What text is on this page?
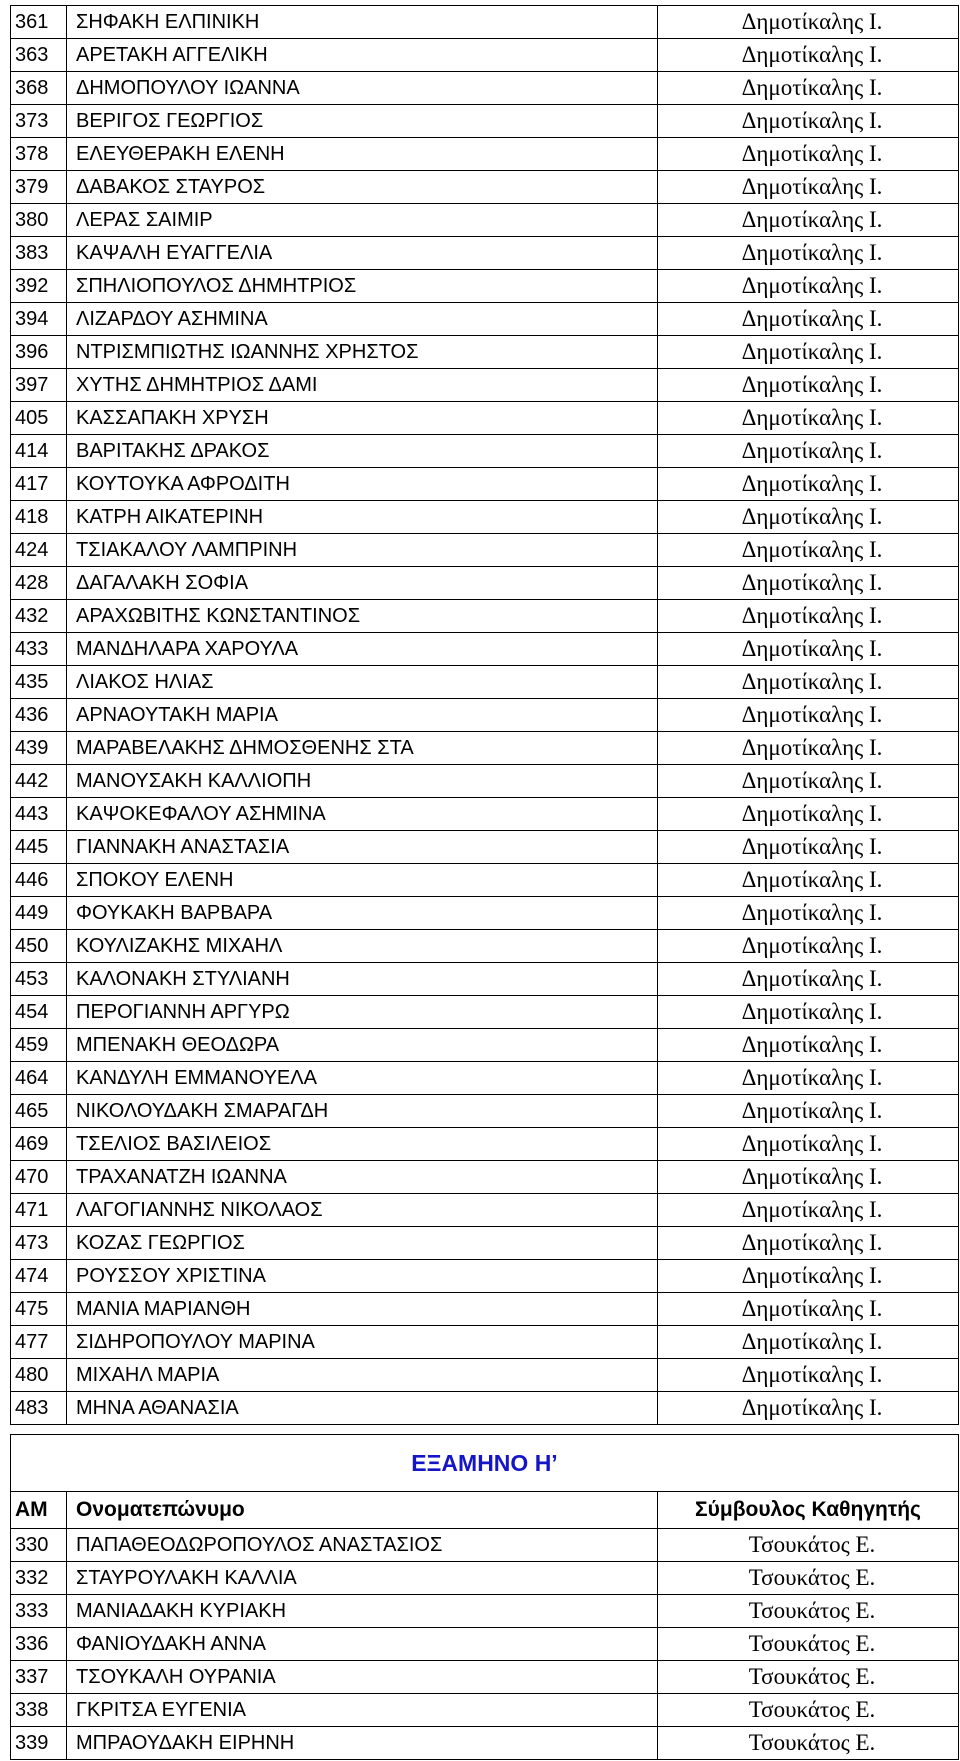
361	ΣΗΦΑΚΗ ΕΛΠΙΝΙΚΗ	Δημοτίκαλης Ι.
363	ΑΡΕΤΑΚΗ ΑΓΓΕΛΙΚΗ	Δημοτίκαλης Ι.
368	ΔΗΜΟΠΟΥΛΟΥ ΙΩΑΝΝΑ	Δημοτίκαλης Ι.
373	ΒΕΡΙΓΟΣ ΓΕΩΡΓΙΟΣ	Δημοτίκαλης Ι.
378	ΕΛΕΥΘΕΡΑΚΗ ΕΛΕΝΗ	Δημοτίκαλης Ι.
379	ΔΑΒΑΚΟΣ ΣΤΑΥΡΟΣ	Δημοτίκαλης Ι.
380	ΛΕΡΑΣ ΣΑΙΜΙΡ	Δημοτίκαλης Ι.
383	ΚΑΨΑΛΗ ΕΥΑΓΓΕΛΙΑ	Δημοτίκαλης Ι.
392	ΣΠΗΛΙΟΠΟΥΛΟΣ ΔΗΜΗΤΡΙΟΣ	Δημοτίκαλης Ι.
394	ΛΙΖΑΡΔΟΥ ΑΣΗΜΙΝΑ	Δημοτίκαλης Ι.
396	ΝΤΡΙΣΜΠΙΩΤΗΣ ΙΩΑΝΝΗΣ ΧΡΗΣΤΟΣ	Δημοτίκαλης Ι.
397	ΧΥΤΗΣ ΔΗΜΗΤΡΙΟΣ ΔΑΜΙ	Δημοτίκαλης Ι.
405	ΚΑΣΣΑΠΑΚΗ ΧΡΥΣΗ	Δημοτίκαλης Ι.
414	ΒΑΡΙΤΑΚΗΣ ΔΡΑΚΟΣ	Δημοτίκαλης Ι.
417	ΚΟΥΤΟΥΚΑ ΑΦΡΟΔΙΤΗ	Δημοτίκαλης Ι.
418	ΚΑΤΡΗ ΑΙΚΑΤΕΡΙΝΗ	Δημοτίκαλης Ι.
424	ΤΣΙΑΚΑΛΟΥ ΛΑΜΠΡΙΝΗ	Δημοτίκαλης Ι.
428	ΔΑΓΑΛΑΚΗ ΣΟΦΙΑ	Δημοτίκαλης Ι.
432	ΑΡΑΧΩΒΙΤΗΣ ΚΩΝΣΤΑΝΤΙΝΟΣ	Δημοτίκαλης Ι.
433	ΜΑΝΔΗΛΑΡΑ ΧΑΡΟΥΛΑ	Δημοτίκαλης Ι.
435	ΛΙΑΚΟΣ ΗΛΙΑΣ	Δημοτίκαλης Ι.
436	ΑΡΝΑΟΥΤΑΚΗ ΜΑΡΙΑ	Δημοτίκαλης Ι.
439	ΜΑΡΑΒΕΛΑΚΗΣ ΔΗΜΟΣΘΕΝΗΣ ΣΤΑ	Δημοτίκαλης Ι.
442	ΜΑΝΟΥΣΑΚΗ ΚΑΛΛΙΟΠΗ	Δημοτίκαλης Ι.
443	ΚΑΨΟΚΕΦΑΛΟΥ ΑΣΗΜΙΝΑ	Δημοτίκαλης Ι.
445	ΓΙΑΝΝΑΚΗ ΑΝΑΣΤΑΣΙΑ	Δημοτίκαλης Ι.
446	ΣΠΟΚΟΥ ΕΛΕΝΗ	Δημοτίκαλης Ι.
449	ΦΟΥΚΑΚΗ ΒΑΡΒΑΡΑ	Δημοτίκαλης Ι.
450	ΚΟΥΛΙΖΑΚΗΣ ΜΙΧΑΗΛ	Δημοτίκαλης Ι.
453	ΚΑΛΟΝΑΚΗ ΣΤΥΛΙΑΝΗ	Δημοτίκαλης Ι.
454	ΠΕΡΟΓΙΑΝΝΗ ΑΡΓΥΡΩ	Δημοτίκαλης Ι.
459	ΜΠΕΝΑΚΗ ΘΕΟΔΩΡΑ	Δημοτίκαλης Ι.
464	ΚΑΝΔΥΛΗ ΕΜΜΑΝΟΥΕΛΑ	Δημοτίκαλης Ι.
465	ΝΙΚΟΛΟΥΔΑΚΗ ΣΜΑΡΑΓΔΗ	Δημοτίκαλης Ι.
469	ΤΣΕΛΙΟΣ ΒΑΣΙΛΕΙΟΣ	Δημοτίκαλης Ι.
470	ΤΡΑΧΑΝΑΤΖΗ ΙΩΑΝΝΑ	Δημοτίκαλης Ι.
471	ΛΑΓΟΓΙΑΝΝΗΣ ΝΙΚΟΛΑΟΣ	Δημοτίκαλης Ι.
473	ΚΟΖΑΣ ΓΕΩΡΓΙΟΣ	Δημοτίκαλης Ι.
474	ΡΟΥΣΣΟΥ ΧΡΙΣΤΙΝΑ	Δημοτίκαλης Ι.
475	ΜΑΝΙΑ ΜΑΡΙΑΝΘΗ	Δημοτίκαλης Ι.
477	ΣΙΔΗΡΟΠΟΥΛΟΥ ΜΑΡΙΝΑ	Δημοτίκαλης Ι.
480	ΜΙΧΑΗΛ ΜΑΡΙΑ	Δημοτίκαλης Ι.
483	ΜΗΝΑ ΑΘΑΝΑΣΙΑ	Δημοτίκαλης Ι.
ΕΞΑΜΗΝΟ Η’		
ΑΜ	Ονοματεπώνυμο	Σύμβουλος Καθηγητής
330	ΠΑΠΑΘΕΟΔΩΡΟΠΟΥΛΟΣ ΑΝΑΣΤΑΣΙΟΣ	Τσουκάτος Ε.
332	ΣΤΑΥΡΟΥΛΑΚΗ ΚΑΛΛΙΑ	Τσουκάτος Ε.
333	ΜΑΝΙΑΔΑΚΗ ΚΥΡΙΑΚΗ	Τσουκάτος Ε.
336	ΦΑΝΙΟΥΔΑΚΗ ΑΝΝΑ	Τσουκάτος Ε.
337	ΤΣΟΥΚΑΛΗ ΟΥΡΑΝΙΑ	Τσουκάτος Ε.
338	ΓΚΡΙΤΣΑ ΕΥΓΕΝΙΑ	Τσουκάτος Ε.
339	ΜΠΡΑΟΥΔΑΚΗ ΕΙΡΗΝΗ	Τσουκάτος Ε.
